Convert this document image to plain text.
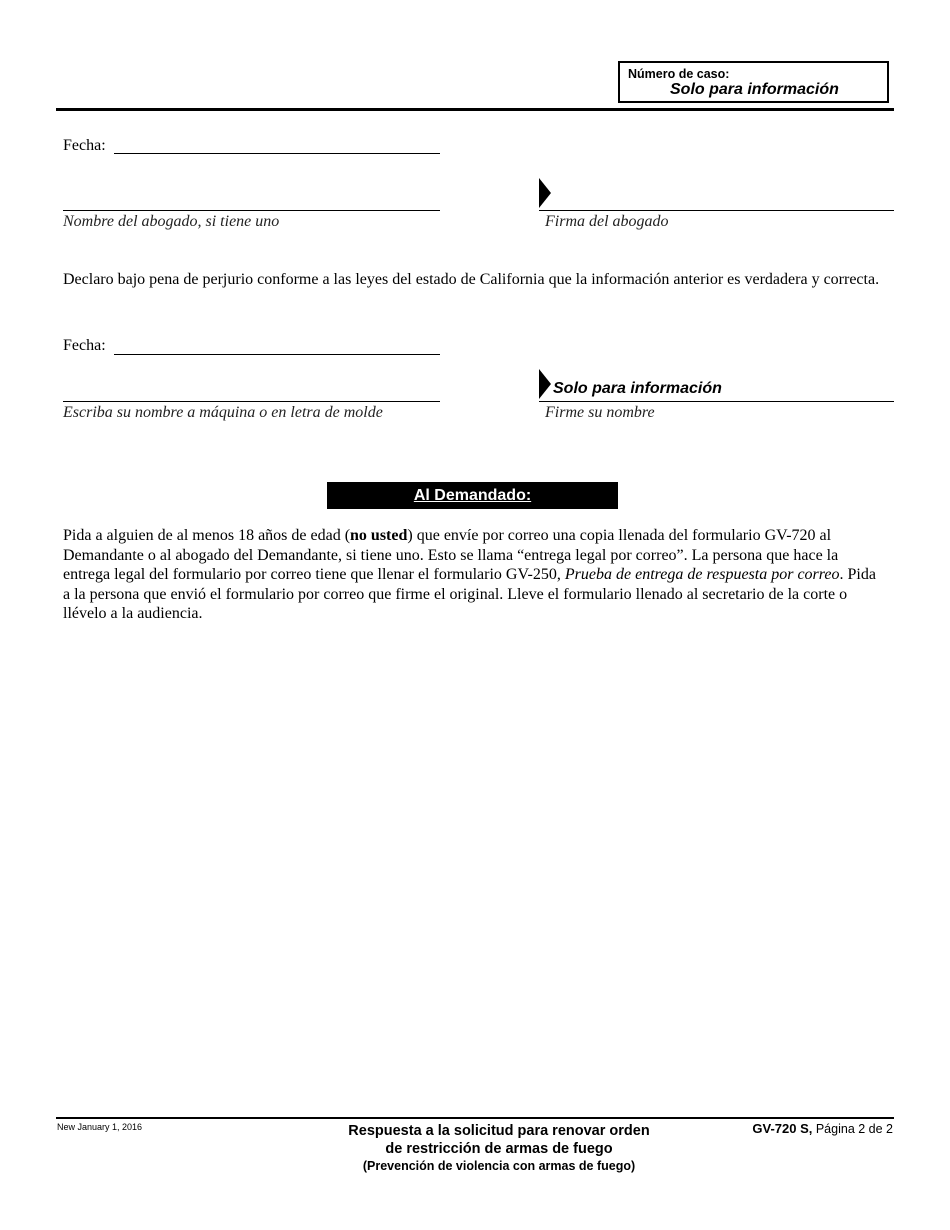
Número de caso:
Solo para información
Fecha:
Nombre del abogado, si tiene uno	Firma del abogado
Declaro bajo pena de perjurio conforme a las leyes del estado de California que la información anterior es verdadera y correcta.
Fecha:
Escriba su nombre a máquina o en letra de molde
Solo para información
Firme su nombre
Al Demandado:
Pida a alguien de al menos 18 años de edad (no usted) que envíe por correo una copia llenada del formulario GV-720 al Demandante o al abogado del Demandante, si tiene uno. Esto se llama “entrega legal por correo”. La persona que hace la entrega legal del formulario por correo tiene que llenar el formulario GV-250, Prueba de entrega de respuesta por correo. Pida a la persona que envió el formulario por correo que firme el original. Lleve el formulario llenado al secretario de la corte o llévelo a la audiencia.
New January 1, 2016	Respuesta a la solicitud para renovar orden
de restricción de armas de fuego
(Prevención de violencia con armas de fuego)
GV-720 S, Página 2 de 2
